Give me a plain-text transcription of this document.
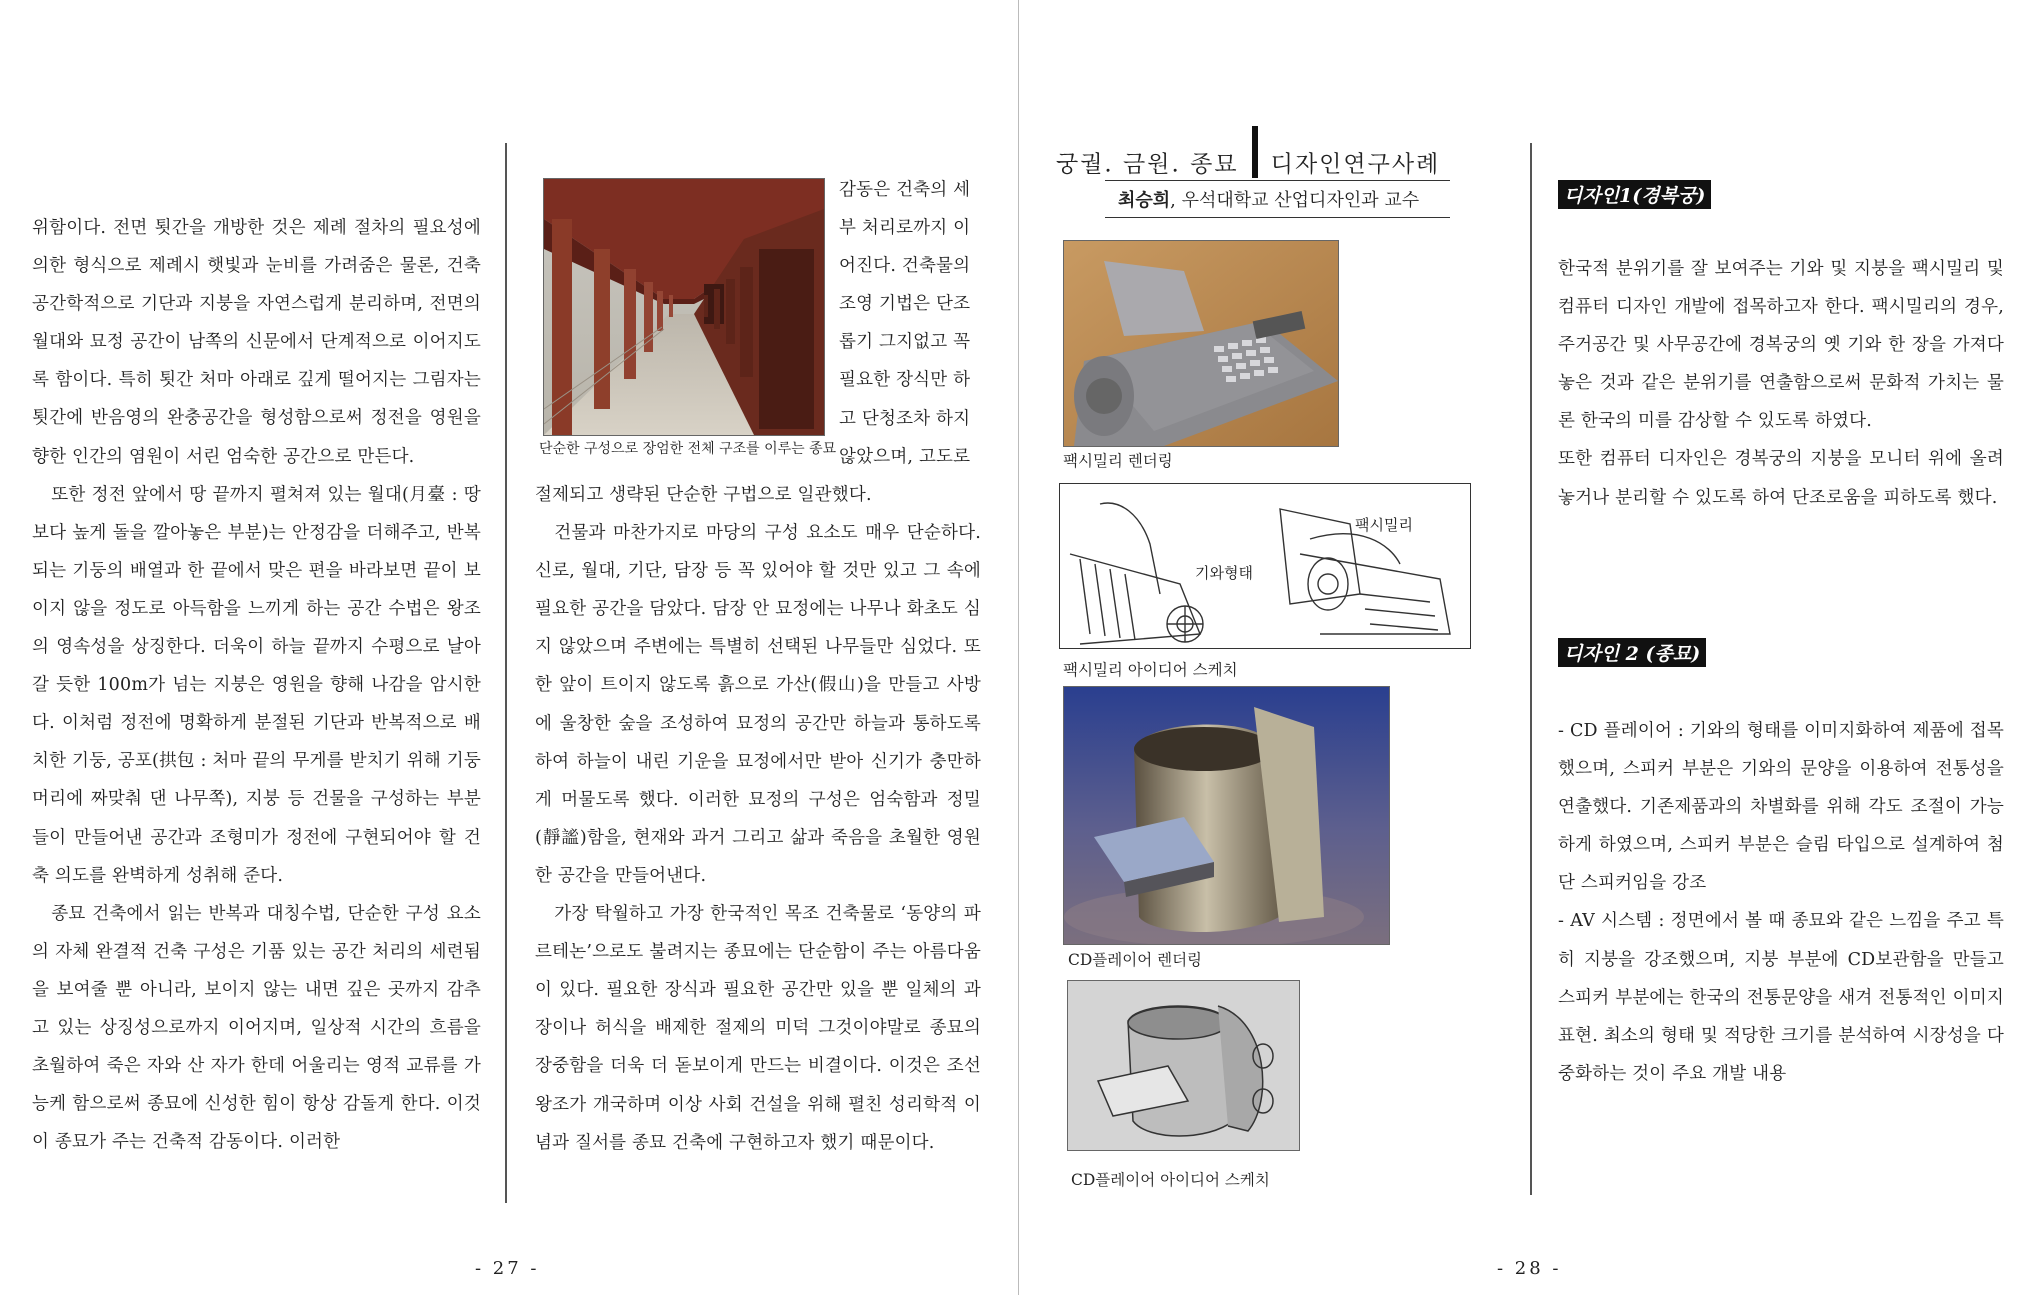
위함이다. 전면 툇간을 개방한 것은 제례 절차의 필요성에 의한 형식으로 제례시 햇빛과 눈비를 가려줌은 물론, 건축 공간학적으로 기단과 지붕을 자연스럽게 분리하며, 전면의 월대와 묘정 공간이 남쪽의 신문에서 단계적으로 이어지도록 함이다. 특히 툇간 처마 아래로 깊게 떨어지는 그림자는 툇간에 반음영의 완충공간을 형성함으로써 정전을 영원을 향한 인간의 염원이 서린 엄숙한 공간으로 만든다.

또한 정전 앞에서 땅 끝까지 펼쳐져 있는 월대(月臺 : 땅보다 높게 돌을 깔아놓은 부분)는 안정감을 더해주고, 반복되는 기둥의 배열과 한 끝에서 맞은 편을 바라보면 끝이 보이지 않을 정도로 아득함을 느끼게 하는 공간 수법은 왕조의 영속성을 상징한다. 더욱이 하늘 끝까지 수평으로 날아갈 듯한 100m가 넘는 지붕은 영원을 향해 나감을 암시한다. 이처럼 정전에 명확하게 분절된 기단과 반복적으로 배치한 기둥, 공포(拱包 : 처마 끝의 무게를 받치기 위해 기둥머리에 짜맞춰 댄 나무쪽), 지붕 등 건물을 구성하는 부분들이 만들어낸 공간과 조형미가 정전에 구현되어야 할 건축 의도를 완벽하게 성취해 준다.

종묘 건축에서 읽는 반복과 대칭수법, 단순한 구성 요소의 자체 완결적 건축 구성은 기품 있는 공간 처리의 세련됨을 보여줄 뿐 아니라, 보이지 않는 내면 깊은 곳까지 감추고 있는 상징성으로까지 이어지며, 일상적 시간의 흐름을 초월하여 죽은 자와 산 자가 한데 어울리는 영적 교류를 가능케 함으로써 종묘에 신성한 힘이 항상 감돌게 한다. 이것이 종묘가 주는 건축적 감동이다. 이러한

단순한 구성으로 장엄한 전체 구조를 이루는 종묘

감동은 건축의 세

부 처리로까지 이

어진다. 건축물의

조영 기법은 단조

롭기 그지없고 꼭

필요한 장식만 하

고 단청조차 하지

않았으며, 고도로

절제되고 생략된 단순한 구법으로 일관했다.

건물과 마찬가지로 마당의 구성 요소도 매우 단순하다. 신로, 월대, 기단, 담장 등 꼭 있어야 할 것만 있고 그 속에 필요한 공간을 담았다. 담장 안 묘정에는 나무나 화초도 심지 않았으며 주변에는 특별히 선택된 나무들만 심었다. 또한 앞이 트이지 않도록 흙으로 가산(假山)을 만들고 사방에 울창한 숲을 조성하여 묘정의 공간만 하늘과 통하도록 하여 하늘이 내린 기운을 묘정에서만 받아 신기가 충만하게 머물도록 했다. 이러한 묘정의 구성은 엄숙함과 정밀(靜謐)함을, 현재와 과거 그리고 삶과 죽음을 초월한 영원한 공간을 만들어낸다.

가장 탁월하고 가장 한국적인 목조 건축물로 ‘동양의 파르테논’으로도 불려지는 종묘에는 단순함이 주는 아름다움이 있다. 필요한 장식과 필요한 공간만 있을 뿐 일체의 과장이나 허식을 배제한 절제의 미덕 그것이야말로 종묘의 장중함을 더욱 더 돋보이게 만드는 비결이다. 이것은 조선 왕조가 개국하며 이상 사회 건설을 위해 펼친 성리학적 이념과 질서를 종묘 건축에 구현하고자 했기 때문이다.

- 27 -
궁궐. 금원. 종묘 디자인연구사례
최승희, 우석대학교 산업디자인과 교수
팩시밀리 렌더링
기와형태
팩시밀리
팩시밀리 아이디어 스케치
CD플레이어 렌더링
CD플레이어 아이디어 스케치
디자인1(경복궁)

한국적 분위기를 잘 보여주는 기와 및 지붕을 팩시밀리 및 컴퓨터 디자인 개발에 접목하고자 한다. 팩시밀리의 경우,주거공간 및 사무공간에 경복궁의 옛 기와 한 장을 가져다 놓은 것과 같은 분위기를 연출함으로써 문화적 가치는 물론 한국의 미를 감상할 수 있도록 하였다.

또한 컴퓨터 디자인은 경복궁의 지붕을 모니터 위에 올려놓거나 분리할 수 있도록 하여 단조로움을 피하도록 했다.

디자인 2 (종묘)

- CD 플레이어 : 기와의 형태를 이미지화하여 제품에 접목했으며, 스피커 부분은 기와의 문양을 이용하여 전통성을 연출했다. 기존제품과의 차별화를 위해 각도 조절이 가능하게 하였으며, 스피커 부분은 슬림 타입으로 설계하여 첨단 스피커임을 강조

- AV 시스템 : 정면에서 볼 때 종묘와 같은 느낌을 주고 특히 지붕을 강조했으며, 지붕 부분에 CD보관함을 만들고 스피커 부분에는 한국의 전통문양을 새겨 전통적인 이미지 표현. 최소의 형태 및 적당한 크기를 분석하여 시장성을 다중화하는 것이 주요 개발 내용

- 28 -
